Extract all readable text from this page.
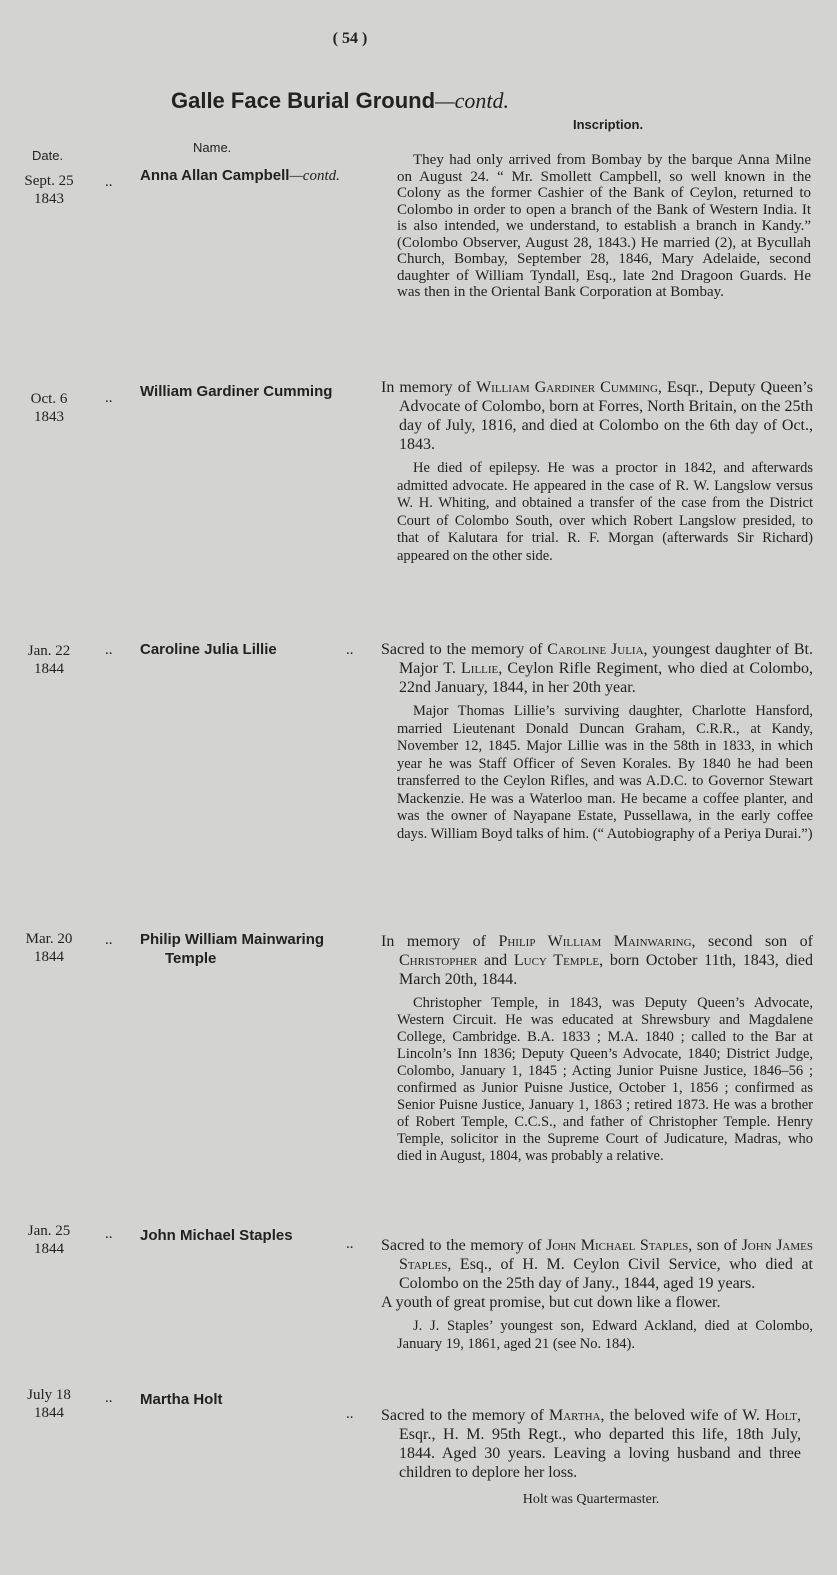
( 54 )
Galle Face Burial Ground—contd.
Date.
Name.
Inscription.
Sept. 25
1843
.. Anna Allan Campbell—contd.

They had only arrived from Bombay by the barque Anna Milne on August 24. “ Mr. Smollett Campbell, so well known in the Colony as the former Cashier of the Bank of Ceylon, returned to Colombo in order to open a branch of the Bank of Western India. It is also intended, we understand, to establish a branch in Kandy.” (Colombo Observer, August 28, 1843.) He married (2), at Bycullah Church, Bombay, September 28, 1846, Mary Adelaide, second daughter of William Tyndall, Esq., late 2nd Dragoon Guards. He was then in the Oriental Bank Corporation at Bombay.

Oct. 6
1843
.. William Gardiner Cumming	In memory of William Gardiner Cumming, Esqr., Deputy Queen’s Advocate of Colombo, born at Forres, North Britain, on the 25th day of July, 1816, and died at Colombo on the 6th day of Oct., 1843.

He died of epilepsy. He was a proctor in 1842, and afterwards admitted advocate. He appeared in the case of R. W. Langslow versus W. H. Whiting, and obtained a transfer of the case from the District Court of Colombo South, over which Robert Langslow presided, to that of Kalutara for trial. R. F. Morgan (afterwards Sir Richard) appeared on the other side.

Jan. 22
1844
.. Caroline Julia Lillie	.. Sacred to the memory of Caroline Julia, youngest daughter of Bt. Major T. Lillie, Ceylon Rifle Regiment, who died at Colombo, 22nd January, 1844, in her 20th year.

Major Thomas Lillie’s surviving daughter, Charlotte Hansford, married Lieutenant Donald Duncan Graham, C.R.R., at Kandy, November 12, 1845. Major Lillie was in the 58th in 1833, in which year he was Staff Officer of Seven Korales. By 1840 he had been transferred to the Ceylon Rifles, and was A.D.C. to Governor Stewart Mackenzie. He was a Waterloo man. He became a coffee planter, and was the owner of Nayapane Estate, Pussellawa, in the early coffee days. William Boyd talks of him. (“ Autobiography of a Periya Durai.”)

Mar. 20
1844
.. Philip William Mainwaring
Temple

In memory of Philip William Mainwaring, second son of Christopher and Lucy Temple, born October 11th, 1843, died March 20th, 1844.

Christopher Temple, in 1843, was Deputy Queen’s Advocate, Western Circuit. He was educated at Shrewsbury and Magdalene College, Cambridge. B.A. 1833 ; M.A. 1840 ; called to the Bar at Lincoln’s Inn 1836; Deputy Queen’s Advocate, 1840; District Judge, Colombo, January 1, 1845 ; Acting Junior Puisne Justice, 1846–56 ; confirmed as Junior Puisne Justice, October 1, 1856 ; confirmed as Senior Puisne Justice, January 1, 1863 ; retired 1873. He was a brother of Robert Temple, C.C.S., and father of Christopher Temple. Henry Temple, solicitor in the Supreme Court of Judicature, Madras, who died in August, 1804, was probably a relative.

Jan. 25
1844
.. John Michael Staples	.. Sacred to the memory of John Michael Staples, son of John James Staples, Esq., of H. M. Ceylon Civil Service, who died at Colombo on the 25th day of Jany., 1844, aged 19 years.

A youth of great promise, but cut down like a flower.

J. J. Staples’ youngest son, Edward Ackland, died at Colombo, January 19, 1861, aged 21 (see No. 184).

July 18
1844
.. Martha Holt
.. Sacred to the memory of Martha, the beloved wife of W. Holt, Esqr., H. M. 95th Regt., who departed this life, 18th July, 1844. Aged 30 years. Leaving a loving husband and three children to deplore her loss.

Holt was Quartermaster.
